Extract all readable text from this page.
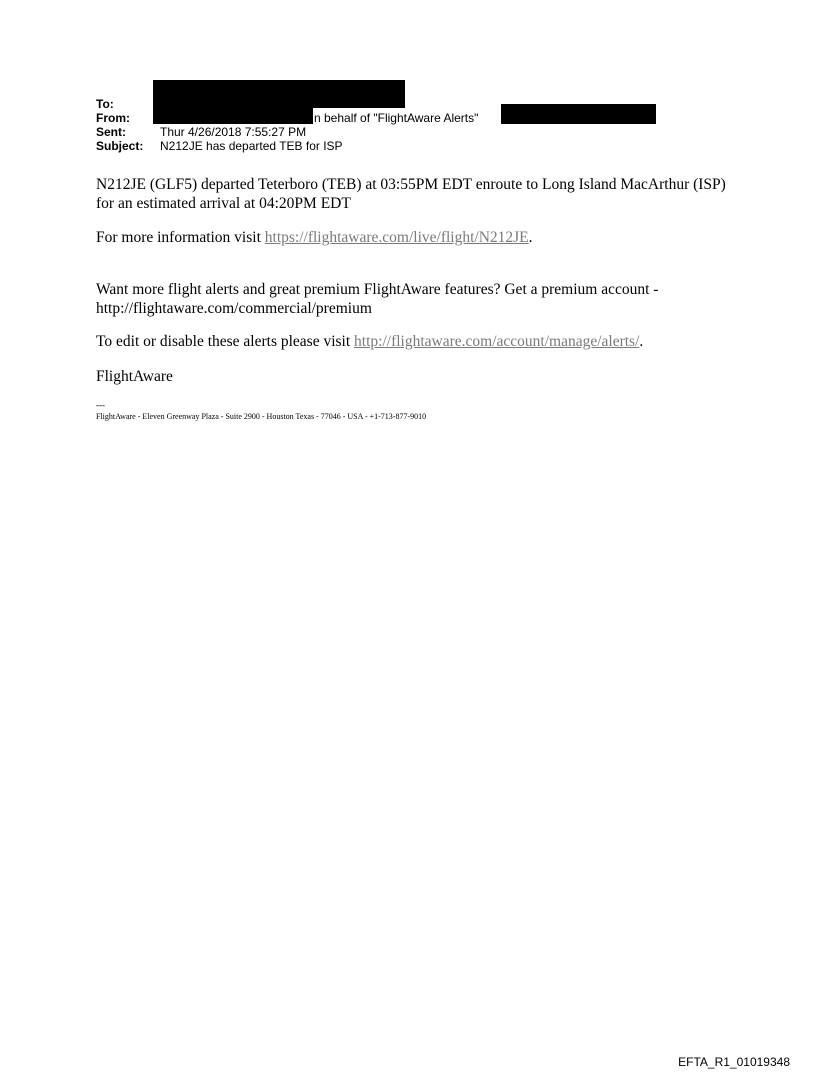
To:
From:	n behalf of "FlightAware Alerts"
Sent:	Thur 4/26/2018 7:55:27 PM
Subject: N212JE has departed TEB for ISP
N212JE (GLF5) departed Teterboro (TEB) at 03:55PM EDT enroute to Long Island MacArthur (ISP) for an estimated arrival at 04:20PM EDT
For more information visit https://flightaware.com/live/flight/N212JE.
Want more flight alerts and great premium FlightAware features? Get a premium account - http://flightaware.com/commercial/premium
To edit or disable these alerts please visit http://flightaware.com/account/manage/alerts/.
FlightAware
---
FlightAware - Eleven Greenway Plaza - Suite 2900 - Houston Texas - 77046 - USA - +1-713-877-9010
EFTA_R1_01019348
